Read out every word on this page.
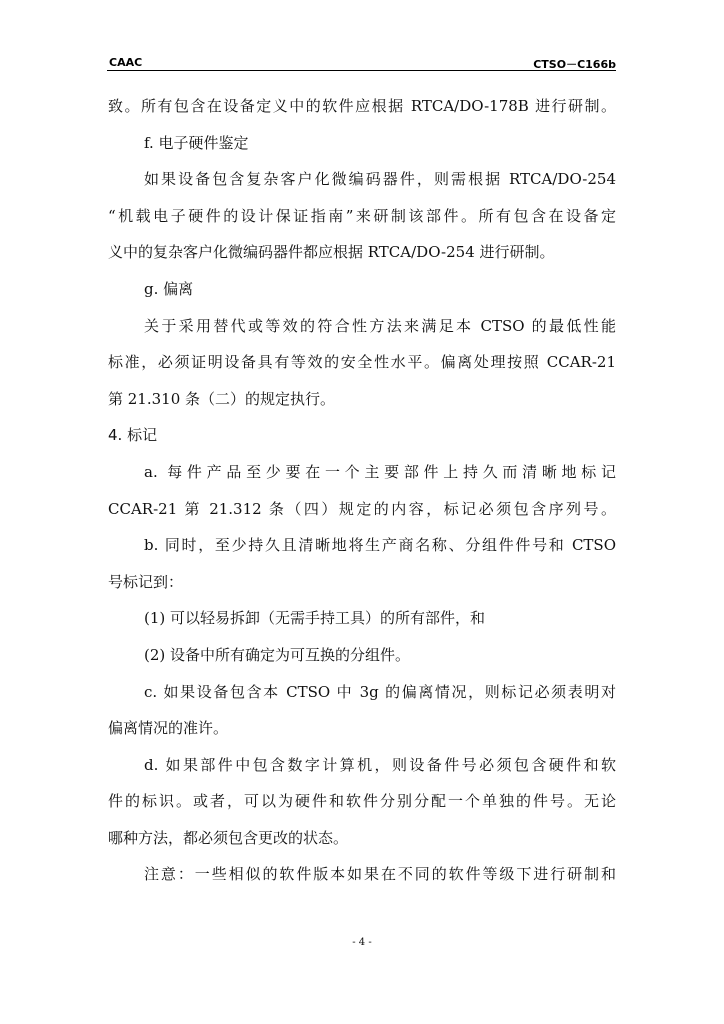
CAAC	CTSO－C166b
致。所有包含在设备定义中的软件应根据 RTCA/DO-178B 进行研制。
f. 电子硬件鉴定
如果设备包含复杂客户化微编码器件，则需根据 RTCA/DO-254
“机载电子硬件的设计保证指南”来研制该部件。所有包含在设备定
义中的复杂客户化微编码器件都应根据 RTCA/DO-254 进行研制。
g. 偏离
关于采用替代或等效的符合性方法来满足本 CTSO 的最低性能
标准，必须证明设备具有等效的安全性水平。偏离处理按照 CCAR-21
第 21.310 条（二）的规定执行。
4. 标记
a. 每件产品至少要在一个主要部件上持久而清晰地标记
CCAR-21 第 21.312 条（四）规定的内容，标记必须包含序列号。
b. 同时，至少持久且清晰地将生产商名称、分组件件号和 CTSO
号标记到：
(1) 可以轻易拆卸（无需手持工具）的所有部件，和
(2) 设备中所有确定为可互换的分组件。
c. 如果设备包含本 CTSO 中 3g 的偏离情况，则标记必须表明对
偏离情况的准许。
d. 如果部件中包含数字计算机，则设备件号必须包含硬件和软
件的标识。或者，可以为硬件和软件分别分配一个单独的件号。无论
哪种方法，都必须包含更改的状态。
注意：一些相似的软件版本如果在不同的软件等级下进行研制和
- 4 -
